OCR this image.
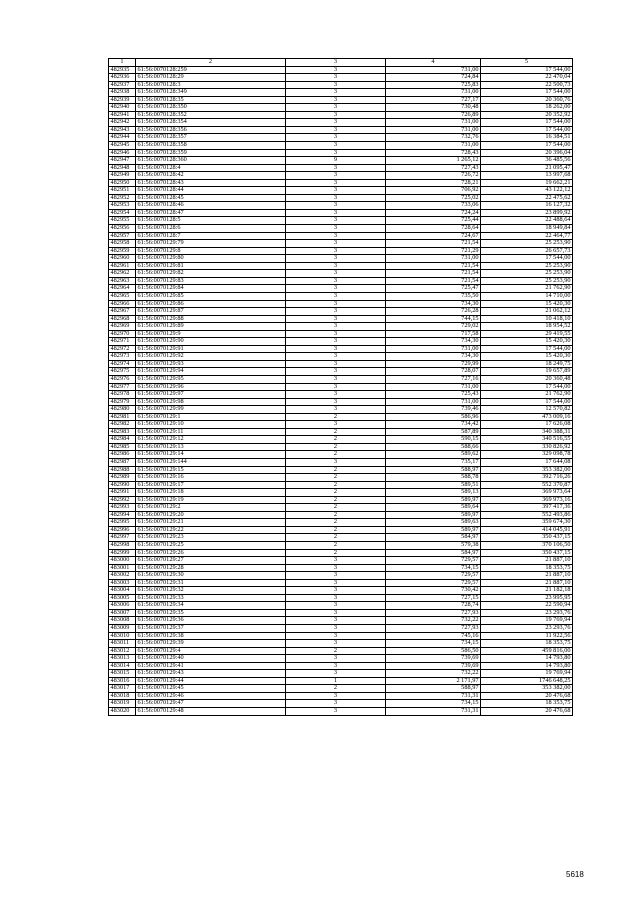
1	2	3	4	5
482935	61:56:0070128:259	3	731,00	17 544,00
482936	61:56:0070128:29	3	724,84	22 470,04
482937	61:56:0070128:3	3	725,83	22 500,73
482938	61:56:0070128:349	3	731,00	17 544,00
482939	61:56:0070128:35	3	727,17	20 360,76
482940	61:56:0070128:350	3	730,48	18 262,00
482941	61:56:0070128:352	3	726,89	20 352,92
482942	61:56:0070128:354	3	731,00	17 544,00
482943	61:56:0070128:356	3	731,00	17 544,00
482944	61:56:0070128:357	3	732,76	16 384,51
482945	61:56:0070128:358	3	731,00	17 544,00
482946	61:56:0070128:359	3	728,43	20 396,04
482947	61:56:0070128:360	9	1 265,12	36 485,56
482948	61:56:0070128:4	3	727,43	21 095,47
482949	61:56:0070128:42	3	726,72	13 997,68
482950	61:56:0070128:43	3	728,21	19 662,21
482951	61:56:0070128:44	3	706,92	43 122,12
482952	61:56:0070128:45	3	725,02	22 475,62
482953	61:56:0070128:46	3	733,06	16 127,32
482954	61:56:0070128:47	3	724,24	23 899,92
482955	61:56:0070128:5	3	725,44	22 488,64
482956	61:56:0070128:6	3	728,64	18 949,84
482957	61:56:0070128:7	3	724,67	22 464,77
482958	61:56:0070129:79	3	721,54	25 253,90
482959	61:56:0070129:8	3	721,29	26 657,73
482960	61:56:0070129:80	3	731,00	17 544,00
482961	61:56:0070129:81	3	721,54	25 253,90
482962	61:56:0070129:82	3	721,54	25 253,90
482963	61:56:0070129:83	3	721,54	25 253,90
482964	61:56:0070129:84	3	725,47	21 762,90
482965	61:56:0070129:85	3	735,50	14 710,00
482966	61:56:0070129:86	3	734,30	15 420,30
482967	61:56:0070129:87	3	726,28	21 062,12
482968	61:56:0070129:88	3	744,15	10 418,10
482969	61:56:0070129:89	3	729,02	18 954,52
482970	61:56:0070129:9	3	717,58	29 419,55
482971	61:56:0070129:90	3	734,30	15 420,30
482972	61:56:0070129:91	3	731,00	17 544,00
482973	61:56:0070129:92	3	734,30	15 420,30
482974	61:56:0070129:93	3	729,99	18 249,75
482975	61:56:0070129:94	3	728,07	19 657,89
482976	61:56:0070129:95	3	727,16	20 360,48
482977	61:56:0070129:96	3	731,00	17 544,00
482978	61:56:0070129:97	3	725,43	21 762,90
482979	61:56:0070129:98	3	731,00	17 544,00
482980	61:56:0070129:99	3	739,46	12 570,82
482981	61:56:0070129:1	2	586,96	473 009,16
482982	61:56:0070129:10	3	734,42	17 626,08
482983	61:56:0070129:11	2	587,89	340 388,31
482984	61:56:0070129:12	2	590,15	340 516,55
482985	61:56:0070129:13	2	588,66	330 826,92
482986	61:56:0070129:14	2	589,62	329 098,78
482987	61:56:0070129:144	3	735,17	17 644,08
482988	61:56:0070129:15	2	588,97	353 382,00
482989	61:56:0070129:16	2	588,78	392 716,26
482990	61:56:0070129:17	2	589,51	552 370,87
482991	61:56:0070129:18	2	589,13	369 973,64
482992	61:56:0070129:19	2	589,97	369 973,16
482993	61:56:0070129:2	2	589,64	397 417,36
482994	61:56:0070129:20	2	589,97	552 493,86
482995	61:56:0070129:21	2	589,63	359 674,30
482996	61:56:0070129:22	2	589,97	414 045,91
482997	61:56:0070129:23	2	584,97	350 437,15
482998	61:56:0070129:25	2	579,38	370 106,50
482999	61:56:0070129:26	2	584,97	350 437,15
483000	61:56:0070129:27	3	729,57	21 887,10
483001	61:56:0070129:28	3	734,15	18 353,75
483002	61:56:0070129:30	3	729,57	21 887,10
483003	61:56:0070129:31	3	729,57	21 887,10
483004	61:56:0070129:32	3	730,42	21 182,18
483005	61:56:0070129:33	3	727,15	23 995,95
483006	61:56:0070129:34	3	728,74	22 590,94
483007	61:56:0070129:35	3	727,93	23 293,76
483008	61:56:0070129:36	3	732,22	19 769,94
483009	61:56:0070129:37	3	727,93	23 293,76
483010	61:56:0070129:38	3	745,16	11 922,56
483011	61:56:0070129:39	3	734,15	18 353,75
483012	61:56:0070129:4	2	586,50	459 816,00
483013	61:56:0070129:40	3	739,69	14 793,80
483014	61:56:0070129:41	3	739,69	14 793,80
483015	61:56:0070129:43	3	732,22	19 769,94
483016	61:56:0070129:44	1	2 171,97	1746 648,25
483017	61:56:0070129:45	2	588,97	353 382,00
483018	61:56:0070129:46	3	731,31	20 476,68
483019	61:56:0070129:47	3	734,15	18 353,75
483020	61:56:0070129:48	3	731,31	20 476,68
5618
